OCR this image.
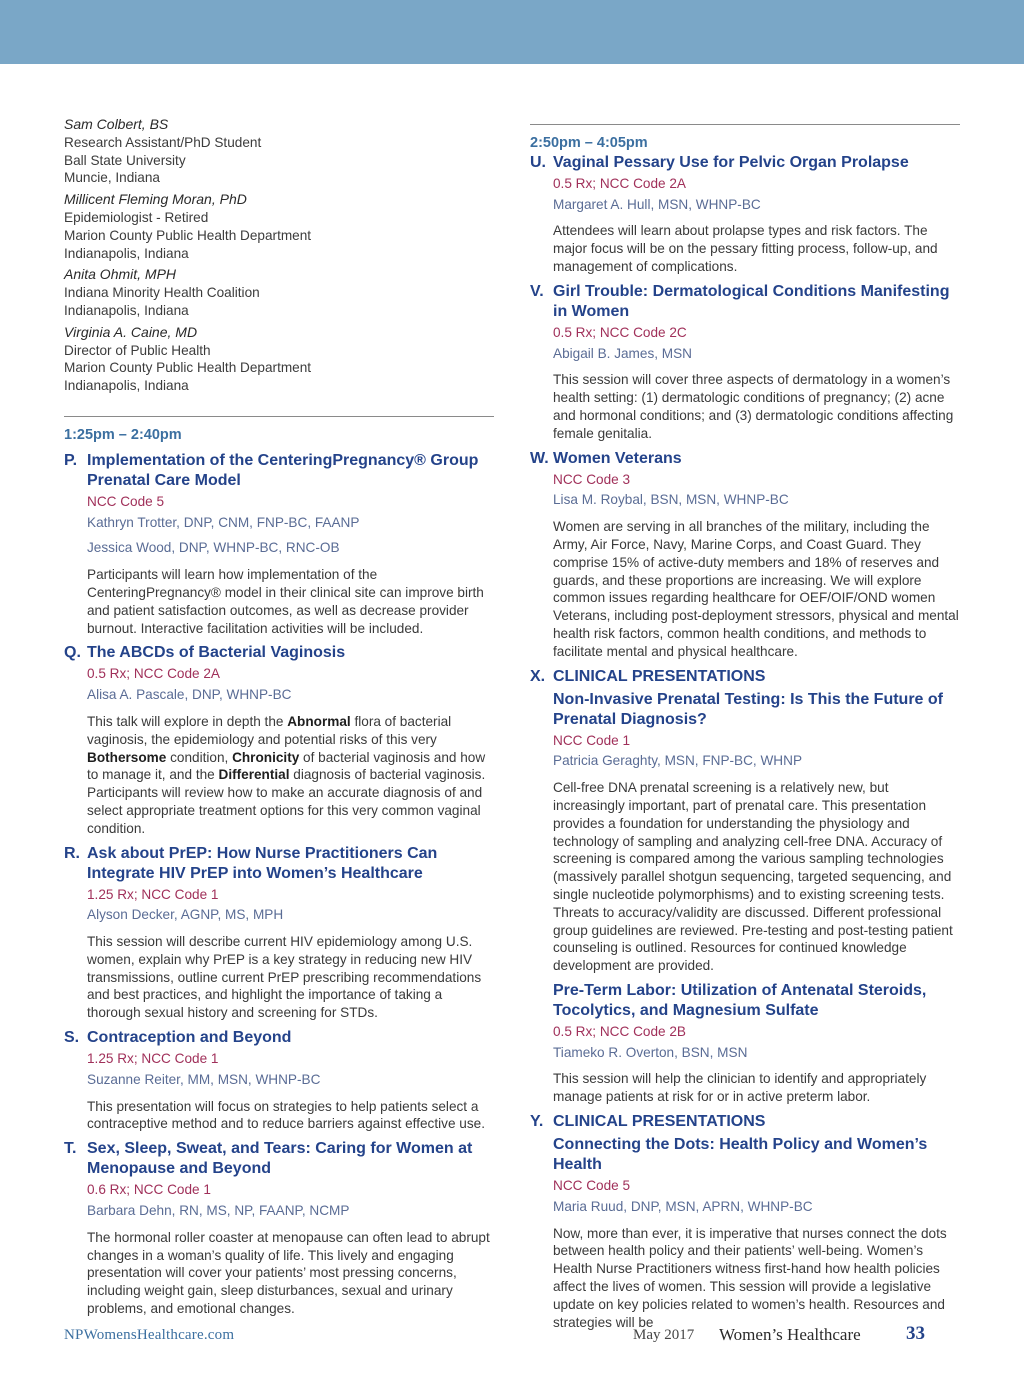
Sam Colbert, BS
Research Assistant/PhD Student
Ball State University
Muncie, Indiana
Millicent Fleming Moran, PhD
Epidemiologist - Retired
Marion County Public Health Department
Indianapolis, Indiana
Anita Ohmit, MPH
Indiana Minority Health Coalition
Indianapolis, Indiana
Virginia A. Caine, MD
Director of Public Health
Marion County Public Health Department
Indianapolis, Indiana
1:25pm – 2:40pm
P. Implementation of the CenteringPregnancy® Group Prenatal Care Model
NCC Code 5
Kathryn Trotter, DNP, CNM, FNP-BC, FAANP
Jessica Wood, DNP, WHNP-BC, RNC-OB
Participants will learn how implementation of the CenteringPregnancy® model in their clinical site can improve birth and patient satisfaction outcomes, as well as decrease provider burnout. Interactive facilitation activities will be included.
Q. The ABCDs of Bacterial Vaginosis
0.5 Rx; NCC Code 2A
Alisa A. Pascale, DNP, WHNP-BC
This talk will explore in depth the Abnormal flora of bacterial vaginosis, the epidemiology and potential risks of this very Bothersome condition, Chronicity of bacterial vaginosis and how to manage it, and the Differential diagnosis of bacterial vaginosis. Participants will review how to make an accurate diagnosis of and select appropriate treatment options for this very common vaginal condition.
R. Ask about PrEP: How Nurse Practitioners Can Integrate HIV PrEP into Women’s Healthcare
1.25 Rx; NCC Code 1
Alyson Decker, AGNP, MS, MPH
This session will describe current HIV epidemiology among U.S. women, explain why PrEP is a key strategy in reducing new HIV transmissions, outline current PrEP prescribing recommendations and best practices, and highlight the importance of taking a thorough sexual history and screening for STDs.
S. Contraception and Beyond
1.25 Rx; NCC Code 1
Suzanne Reiter, MM, MSN, WHNP-BC
This presentation will focus on strategies to help patients select a contraceptive method and to reduce barriers against effective use.
T. Sex, Sleep, Sweat, and Tears: Caring for Women at Menopause and Beyond
0.6 Rx; NCC Code 1
Barbara Dehn, RN, MS, NP, FAANP, NCMP
The hormonal roller coaster at menopause can often lead to abrupt changes in a woman’s quality of life. This lively and engaging presentation will cover your patients’ most pressing concerns, including weight gain, sleep disturbances, sexual and urinary problems, and emotional changes.
2:50pm – 4:05pm
U. Vaginal Pessary Use for Pelvic Organ Prolapse
0.5 Rx; NCC Code 2A
Margaret A. Hull, MSN, WHNP-BC
Attendees will learn about prolapse types and risk factors. The major focus will be on the pessary fitting process, follow-up, and management of complications.
V. Girl Trouble: Dermatological Conditions Manifesting in Women
0.5 Rx; NCC Code 2C
Abigail B. James, MSN
This session will cover three aspects of dermatology in a women’s health setting: (1) dermatologic conditions of pregnancy; (2) acne and hormonal conditions; and (3) dermatologic conditions affecting female genitalia.
W. Women Veterans
NCC Code 3
Lisa M. Roybal, BSN, MSN, WHNP-BC
Women are serving in all branches of the military, including the Army, Air Force, Navy, Marine Corps, and Coast Guard. They comprise 15% of active-duty members and 18% of reserves and guards, and these proportions are increasing. We will explore common issues regarding healthcare for OEF/OIF/OND women Veterans, including post-deployment stressors, physical and mental health risk factors, common health conditions, and methods to facilitate mental and physical healthcare.
X. CLINICAL PRESENTATIONS
Non-Invasive Prenatal Testing: Is This the Future of Prenatal Diagnosis?
NCC Code 1
Patricia Geraghty, MSN, FNP-BC, WHNP
Cell-free DNA prenatal screening is a relatively new, but increasingly important, part of prenatal care. This presentation provides a foundation for understanding the physiology and technology of sampling and analyzing cell-free DNA. Accuracy of screening is compared among the various sampling technologies (massively parallel shotgun sequencing, targeted sequencing, and single nucleotide polymorphisms) and to existing screening tests. Threats to accuracy/validity are discussed. Different professional group guidelines are reviewed. Pre-testing and post-testing patient counseling is outlined. Resources for continued knowledge development are provided.
Pre-Term Labor: Utilization of Antenatal Steroids, Tocolytics, and Magnesium Sulfate
0.5 Rx; NCC Code 2B
Tiameko R. Overton, BSN, MSN
This session will help the clinician to identify and appropriately manage patients at risk for or in active preterm labor.
Y. CLINICAL PRESENTATIONS
Connecting the Dots: Health Policy and Women’s Health
NCC Code 5
Maria Ruud, DNP, MSN, APRN, WHNP-BC
Now, more than ever, it is imperative that nurses connect the dots between health policy and their patients’ well-being. Women’s Health Nurse Practitioners witness first-hand how health policies affect the lives of women. This session will provide a legislative update on key policies related to women’s health. Resources and strategies will be
NPWomensHealthcare.com	May 2017 Women’s Healthcare 33
